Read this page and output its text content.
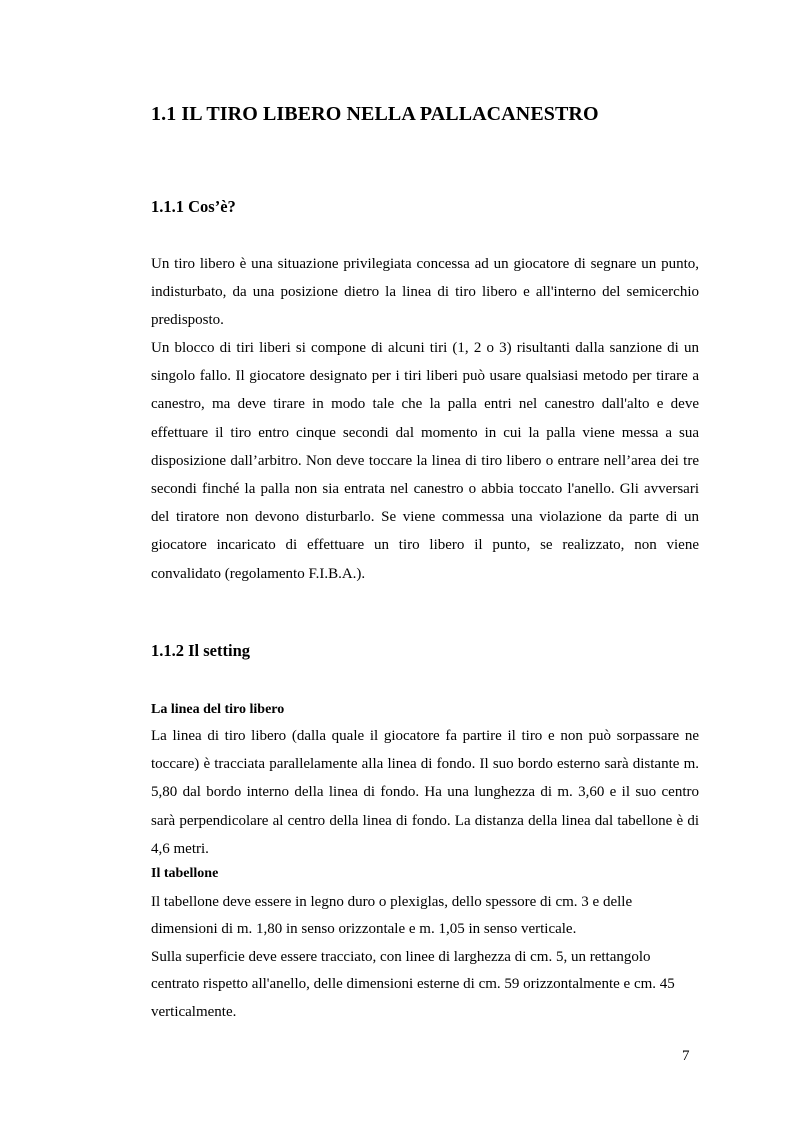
1.1 IL TIRO LIBERO NELLA PALLACANESTRO
1.1.1 Cos’è?

Un tiro libero è una situazione privilegiata concessa ad un giocatore di segnare un punto, indisturbato, da una posizione dietro la linea di tiro libero e all'interno del semicerchio predisposto.

Un blocco di tiri liberi si compone di alcuni tiri (1, 2 o 3) risultanti dalla sanzione di un singolo fallo. Il giocatore designato per i tiri liberi può usare qualsiasi metodo per tirare a canestro, ma deve tirare in modo tale che la palla entri nel canestro dall'alto e deve effettuare il tiro entro cinque secondi dal momento in cui la palla viene messa a sua disposizione dall’arbitro. Non deve toccare la linea di tiro libero o entrare nell’area dei tre secondi finché la palla non sia entrata nel canestro o abbia toccato l'anello. Gli avversari del tiratore non devono disturbarlo. Se viene commessa una violazione da parte di un giocatore incaricato di effettuare un tiro libero il punto, se realizzato, non viene convalidato (regolamento F.I.B.A.).

1.1.2 Il setting
La linea del tiro libero

La linea di tiro libero (dalla quale il giocatore fa partire il tiro e non può sorpassare ne toccare) è tracciata parallelamente alla linea di fondo. Il suo bordo esterno sarà distante m. 5,80 dal bordo interno della linea di fondo. Ha una lunghezza di m. 3,60 e il suo centro sarà perpendicolare al centro della linea di fondo. La distanza della linea dal tabellone è di 4,6 metri.

Il tabellone

Il tabellone deve essere in legno duro o plexiglas, dello spessore di cm. 3 e delle dimensioni di m. 1,80 in senso orizzontale e m. 1,05 in senso verticale.

Sulla superficie deve essere tracciato, con linee di larghezza di cm. 5, un rettangolo centrato rispetto all'anello, delle dimensioni esterne di cm. 59 orizzontalmente e cm. 45 verticalmente.

7
